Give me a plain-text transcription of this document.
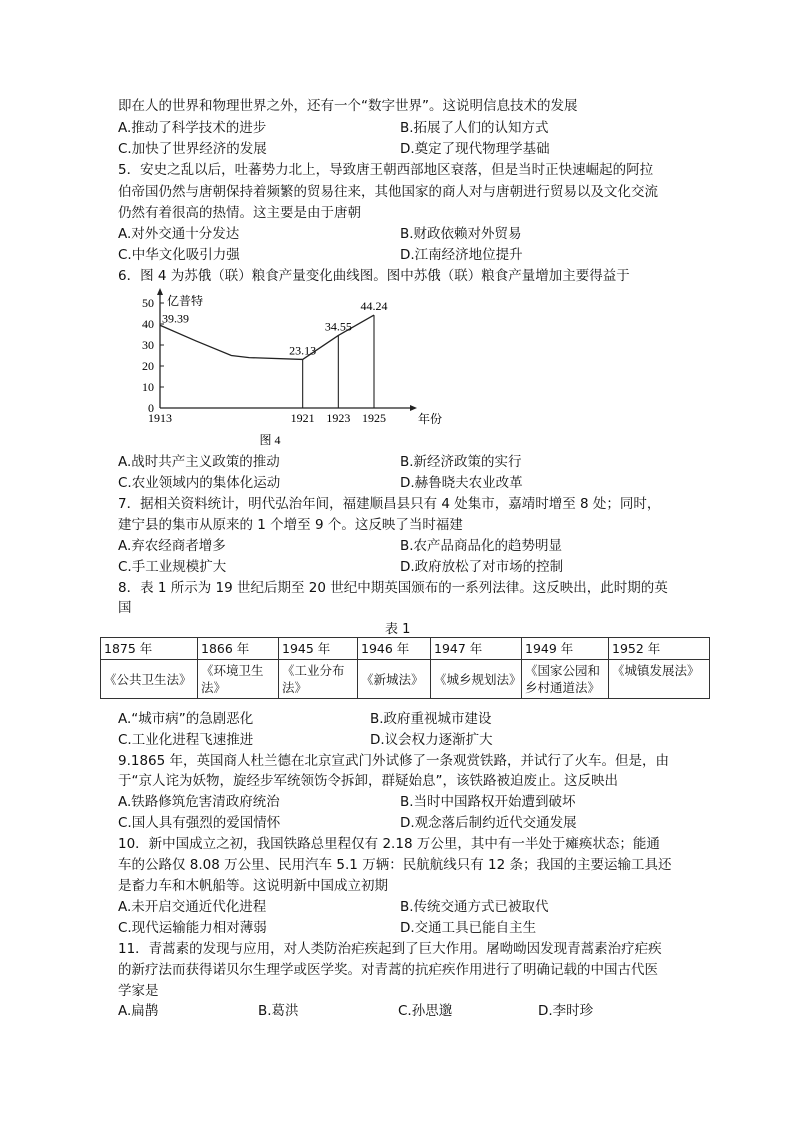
即在人的世界和物理世界之外，还有一个“数字世界”。这说明信息技术的发展
A.推动了科学技术的进步	B.拓展了人们的认知方式
C.加快了世界经济的发展	D.奠定了现代物理学基础
5．安史之乱以后，吐蕃势力北上，导致唐王朝西部地区衰落，但是当时正快速崛起的阿拉
伯帝国仍然与唐朝保持着频繁的贸易往来，其他国家的商人对与唐朝进行贸易以及文化交流
仍然有着很高的热情。这主要是由于唐朝
A.对外交通十分发达	B.财政依赖对外贸易
C.中华文化吸引力强	D.江南经济地位提升
6．图 4 为苏俄（联）粮食产量变化曲线图。图中苏俄（联）粮食产量增加主要得益于
0
10
20
30
40
50 亿普特
1913	1921 1923 1925	年份
39.39
23.13
34.55
44.24
图 4
A.战时共产主义政策的推动	B.新经济政策的实行
C.农业领域内的集体化运动	D.赫鲁晓夫农业改革
7．据相关资料统计，明代弘治年间，福建顺昌县只有 4 处集市，嘉靖时增至 8 处；同时，
建宁县的集市从原来的 1 个增至 9 个。这反映了当时福建
A.弃农经商者增多	B.农产品商品化的趋势明显
C.手工业规模扩大	D.政府放松了对市场的控制
8．表 1 所示为 19 世纪后期至 20 世纪中期英国颁布的一系列法律。这反映出，此时期的英
国
表 1
1875 年	1866 年	1945 年	1946 年	1947 年	1949 年	1952 年
《公共卫生法》	《环境卫生法》	《工业分布法》	《新城法》	《城乡规划法》	《国家公园和乡村通道法》	《城镇发展法》
A.“城市病”的急剧恶化	B.政府重视城市建设
C.工业化进程飞速推进	D.议会权力逐渐扩大
9.1865 年，英国商人杜兰德在北京宣武门外试修了一条观赏铁路，并试行了火车。但是，由
于“京人诧为妖物，旋经步军统领饬令拆卸，群疑始息”，该铁路被迫废止。这反映出
A.铁路修筑危害清政府统治	B.当时中国路权开始遭到破坏
C.国人具有强烈的爱国情怀	D.观念落后制约近代交通发展
10．新中国成立之初，我国铁路总里程仅有 2.18 万公里，其中有一半处于瘫痪状态；能通
车的公路仅 8.08 万公里、民用汽车 5.1 万辆：民航航线只有 12 条；我国的主要运输工具还
是畜力车和木帆船等。这说明新中国成立初期
A.未开启交通近代化进程	B.传统交通方式已被取代
C.现代运输能力相对薄弱	D.交通工具已能自主生
11．青蒿素的发现与应用，对人类防治疟疾起到了巨大作用。屠呦呦因发现青蒿素治疗疟疾
的新疗法而获得诺贝尔生理学或医学奖。对青蒿的抗疟疾作用进行了明确记载的中国古代医
学家是
A.扁鹊	B.葛洪	C.孙思邈	D.李时珍
